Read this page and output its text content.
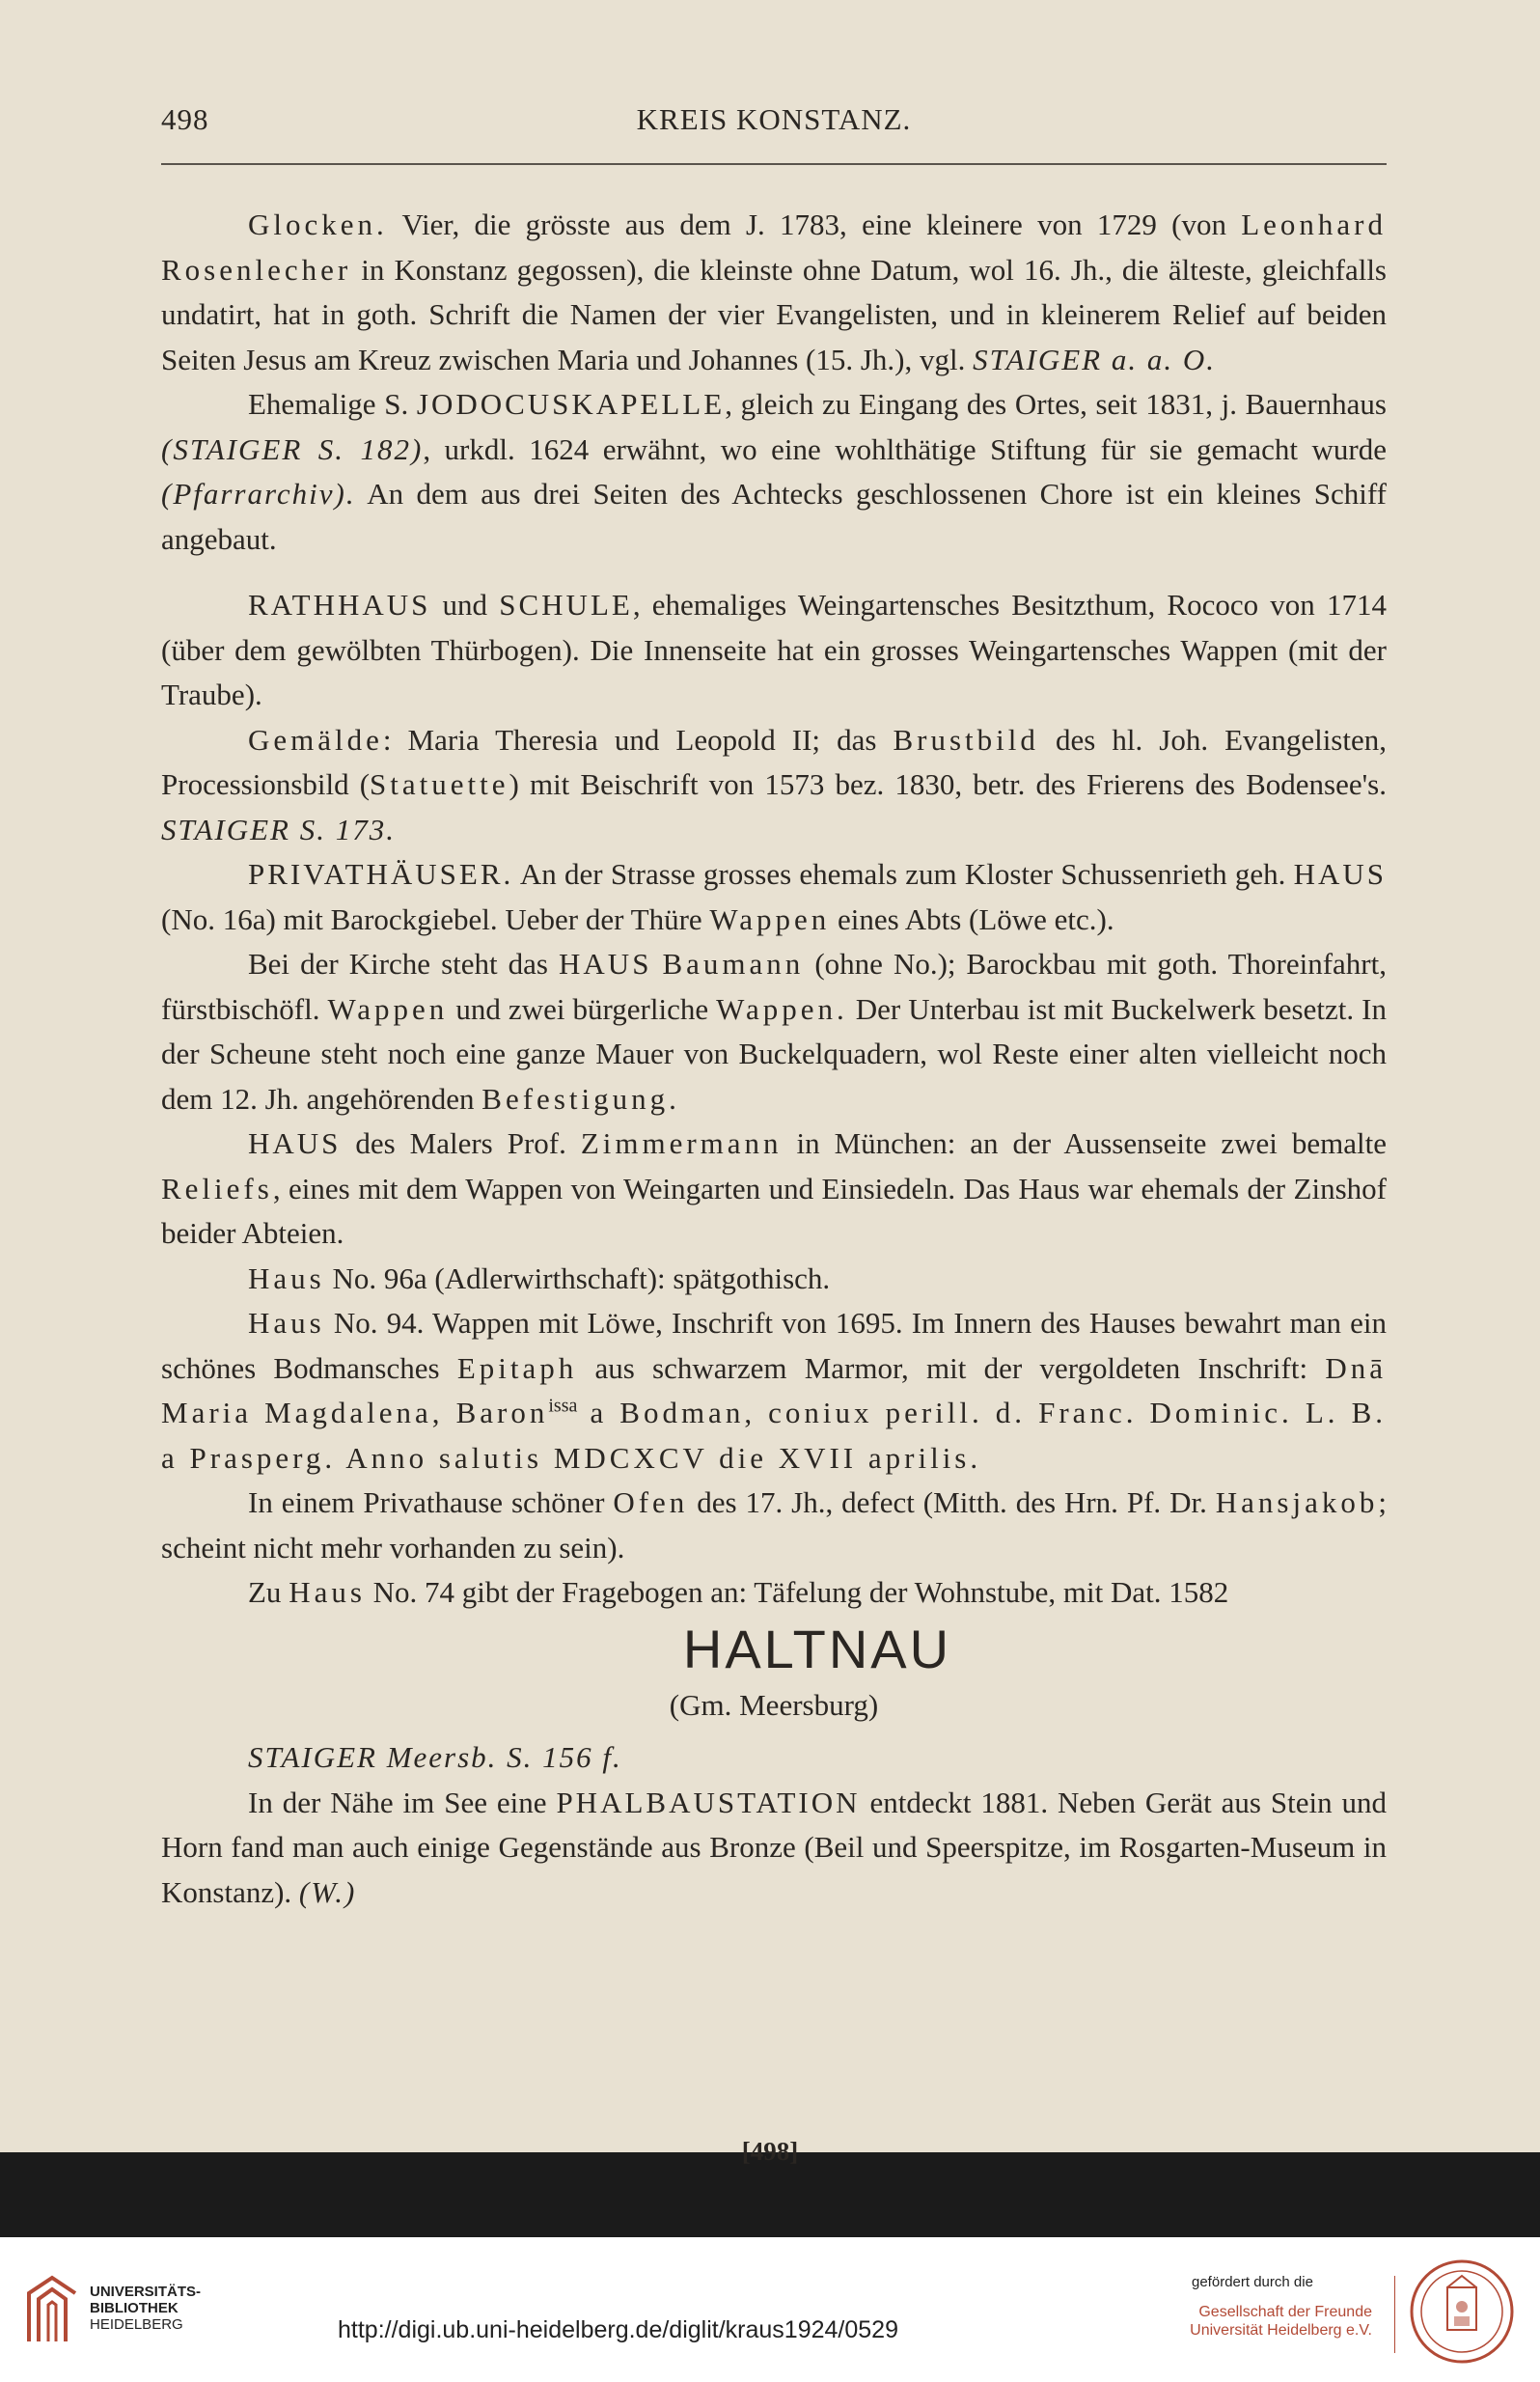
498	KREIS KONSTANZ.

Glocken. Vier, die grösste aus dem J. 1783, eine kleinere von 1729 (von Leonhard Rosenlecher in Konstanz gegossen), die kleinste ohne Datum, wol 16. Jh., die älteste, gleichfalls undatirt, hat in goth. Schrift die Namen der vier Evangelisten, und in kleinerem Relief auf beiden Seiten Jesus am Kreuz zwischen Maria und Johannes (15. Jh.), vgl. STAIGER a. a. O.

Ehemalige S. JODOCUSKAPELLE, gleich zu Eingang des Ortes, seit 1831, j. Bauernhaus (STAIGER S. 182), urkdl. 1624 erwähnt, wo eine wohlthätige Stiftung für sie gemacht wurde (Pfarrarchiv). An dem aus drei Seiten des Achtecks geschlossenen Chore ist ein kleines Schiff angebaut.

RATHHAUS und SCHULE, ehemaliges Weingartensches Besitzthum, Rococo von 1714 (über dem gewölbten Thürbogen). Die Innenseite hat ein grosses Weingartensches Wappen (mit der Traube).

Gemälde: Maria Theresia und Leopold II; das Brustbild des hl. Joh. Evangelisten, Processionsbild (Statuette) mit Beischrift von 1573 bez. 1830, betr. des Frierens des Bodensee's. STAIGER S. 173.

PRIVATHÄUSER. An der Strasse grosses ehemals zum Kloster Schussenrieth geh. HAUS (No. 16a) mit Barockgiebel. Ueber der Thüre Wappen eines Abts (Löwe etc.).

Bei der Kirche steht das HAUS Baumann (ohne No.); Barockbau mit goth. Thoreinfahrt, fürstbischöfl. Wappen und zwei bürgerliche Wappen. Der Unterbau ist mit Buckelwerk besetzt. In der Scheune steht noch eine ganze Mauer von Buckelquadern, wol Reste einer alten vielleicht noch dem 12. Jh. angehörenden Befestigung.

HAUS des Malers Prof. Zimmermann in München: an der Aussenseite zwei bemalte Reliefs, eines mit dem Wappen von Weingarten und Einsiedeln. Das Haus war ehemals der Zinshof beider Abteien.

Haus No. 96a (Adlerwirthschaft): spätgothisch.

Haus No. 94. Wappen mit Löwe, Inschrift von 1695. Im Innern des Hauses bewahrt man ein schönes Bodmansches Epitaph aus schwarzem Marmor, mit der vergoldeten Inschrift: Dnā Maria Magdalena, Baron$^{issa}$ a Bodman, coniux perill. d. Franc. Dominic. L. B. a Prasperg. Anno salutis MDCXCV die XVII aprilis.

In einem Privathause schöner Ofen des 17. Jh., defect (Mitth. des Hrn. Pf. Dr. Hansjakob; scheint nicht mehr vorhanden zu sein).

Zu Haus No. 74 gibt der Fragebogen an: Täfelung der Wohnstube, mit Dat. 1582

HALTNAU

(Gm. Meersburg)

STAIGER Meersb. S. 156 f.

In der Nähe im See eine PHALBAUSTATION entdeckt 1881. Neben Gerät aus Stein und Horn fand man auch einige Gegenstände aus Bronze (Beil und Speerspitze, im Rosgarten-Museum in Konstanz). (W.)

[498]
UNIVERSITÄTS-
BIBLIOTHEK
HEIDELBERG	http://digi.ub.uni-heidelberg.de/diglit/kraus1924/0529
gefördert durch die
Gesellschaft der Freunde
Universität Heidelberg e.V.
